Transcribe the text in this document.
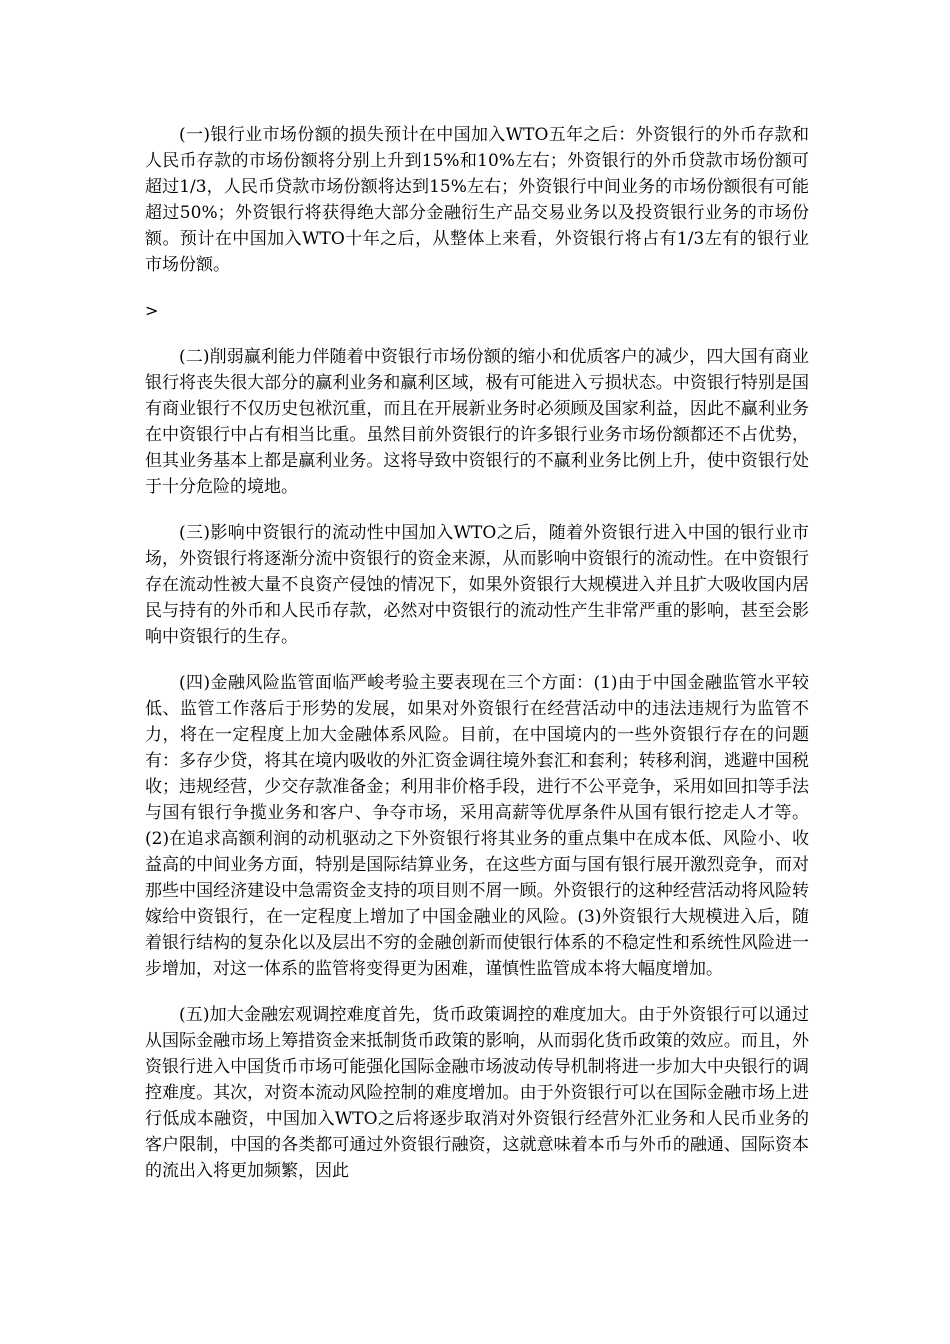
(一)银行业市场份额的损失预计在中国加入WTO五年之后：外资银行的外币存款和人民币存款的市场份额将分别上升到15%和10%左右；外资银行的外币贷款市场份额可超过1/3，人民币贷款市场份额将达到15%左右；外资银行中间业务的市场份额很有可能超过50%；外资银行将获得绝大部分金融衍生产品交易业务以及投资银行业务的市场份额。预计在中国加入WTO十年之后，从整体上来看，外资银行将占有1/3左有的银行业市场份额。

>

(二)削弱赢利能力伴随着中资银行市场份额的缩小和优质客户的减少，四大国有商业银行将丧失很大部分的赢利业务和赢利区域，极有可能进入亏损状态。中资银行特别是国有商业银行不仅历史包袱沉重，而且在开展新业务时必须顾及国家利益，因此不赢利业务在中资银行中占有相当比重。虽然目前外资银行的许多银行业务市场份额都还不占优势，但其业务基本上都是赢利业务。这将导致中资银行的不赢利业务比例上升，使中资银行处于十分危险的境地。

(三)影响中资银行的流动性中国加入WTO之后，随着外资银行进入中国的银行业市场，外资银行将逐渐分流中资银行的资金来源，从而影响中资银行的流动性。在中资银行存在流动性被大量不良资产侵蚀的情况下，如果外资银行大规模进入并且扩大吸收国内居民与持有的外币和人民币存款，必然对中资银行的流动性产生非常严重的影响，甚至会影响中资银行的生存。

(四)金融风险监管面临严峻考验主要表现在三个方面：(1)由于中国金融监管水平较低、监管工作落后于形势的发展，如果对外资银行在经营活动中的违法违规行为监管不力，将在一定程度上加大金融体系风险。目前，在中国境内的一些外资银行存在的问题有：多存少贷，将其在境内吸收的外汇资金调往境外套汇和套利；转移利润，逃避中国税收；违规经营，少交存款准备金；利用非价格手段，进行不公平竞争，采用如回扣等手法与国有银行争揽业务和客户、争夺市场，采用高薪等优厚条件从国有银行挖走人才等。(2)在追求高额利润的动机驱动之下外资银行将其业务的重点集中在成本低、风险小、收益高的中间业务方面，特别是国际结算业务，在这些方面与国有银行展开激烈竞争，而对那些中国经济建设中急需资金支持的项目则不屑一顾。外资银行的这种经营活动将风险转嫁给中资银行，在一定程度上增加了中国金融业的风险。(3)外资银行大规模进入后，随着银行结构的复杂化以及层出不穷的金融创新而使银行体系的不稳定性和系统性风险进一步增加，对这一体系的监管将变得更为困难，谨慎性监管成本将大幅度增加。

(五)加大金融宏观调控难度首先，货币政策调控的难度加大。由于外资银行可以通过从国际金融市场上筹措资金来抵制货币政策的影响，从而弱化货币政策的效应。而且，外资银行进入中国货币市场可能强化国际金融市场波动传导机制将进一步加大中央银行的调控难度。其次，对资本流动风险控制的难度增加。由于外资银行可以在国际金融市场上进行低成本融资，中国加入WTO之后将逐步取消对外资银行经营外汇业务和人民币业务的客户限制，中国的各类都可通过外资银行融资，这就意味着本币与外币的融通、国际资本的流出入将更加频繁，因此
